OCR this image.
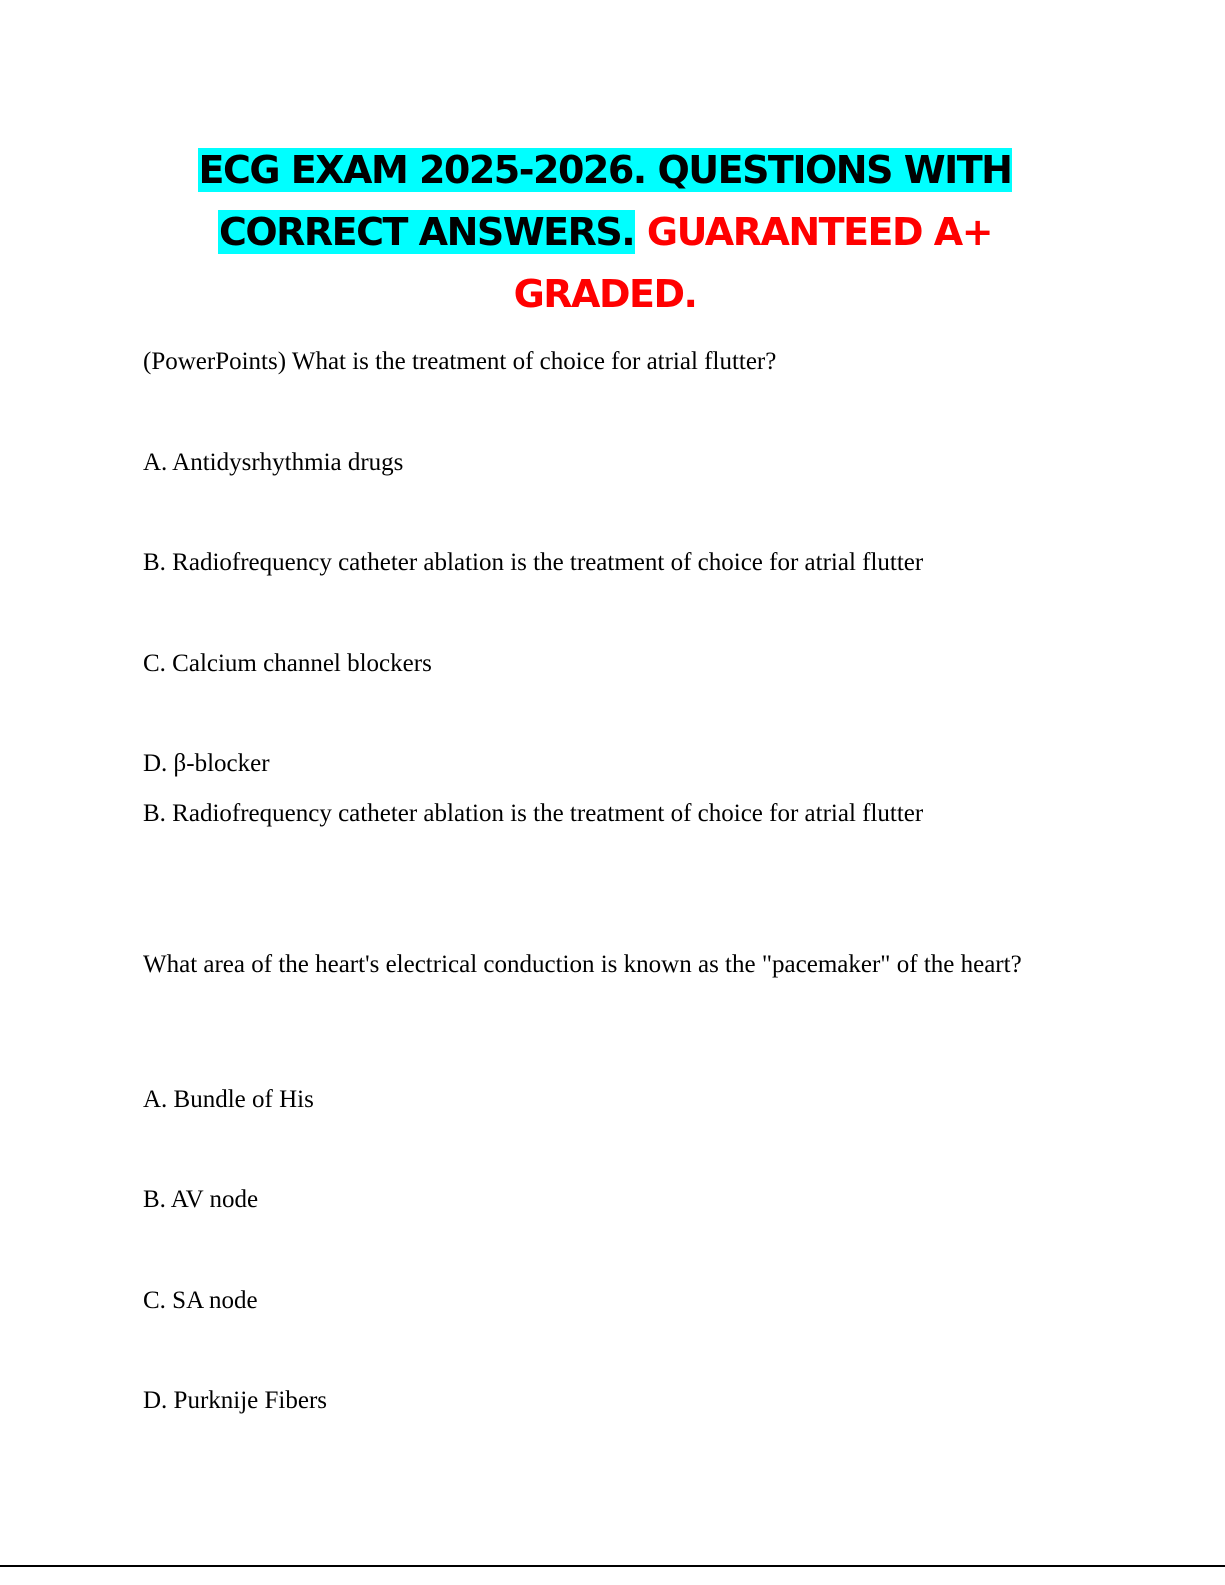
ECG EXAM 2025-2026. QUESTIONS WITH
CORRECT ANSWERS. GUARANTEED A+
GRADED.
(PowerPoints) What is the treatment of choice for atrial flutter?
A. Antidysrhythmia drugs
B. Radiofrequency catheter ablation is the treatment of choice for atrial flutter
C. Calcium channel blockers
D. β-blocker
B. Radiofrequency catheter ablation is the treatment of choice for atrial flutter
What area of the heart's electrical conduction is known as the "pacemaker" of the heart?
A. Bundle of His
B. AV node
C. SA node
D. Purknije Fibers
